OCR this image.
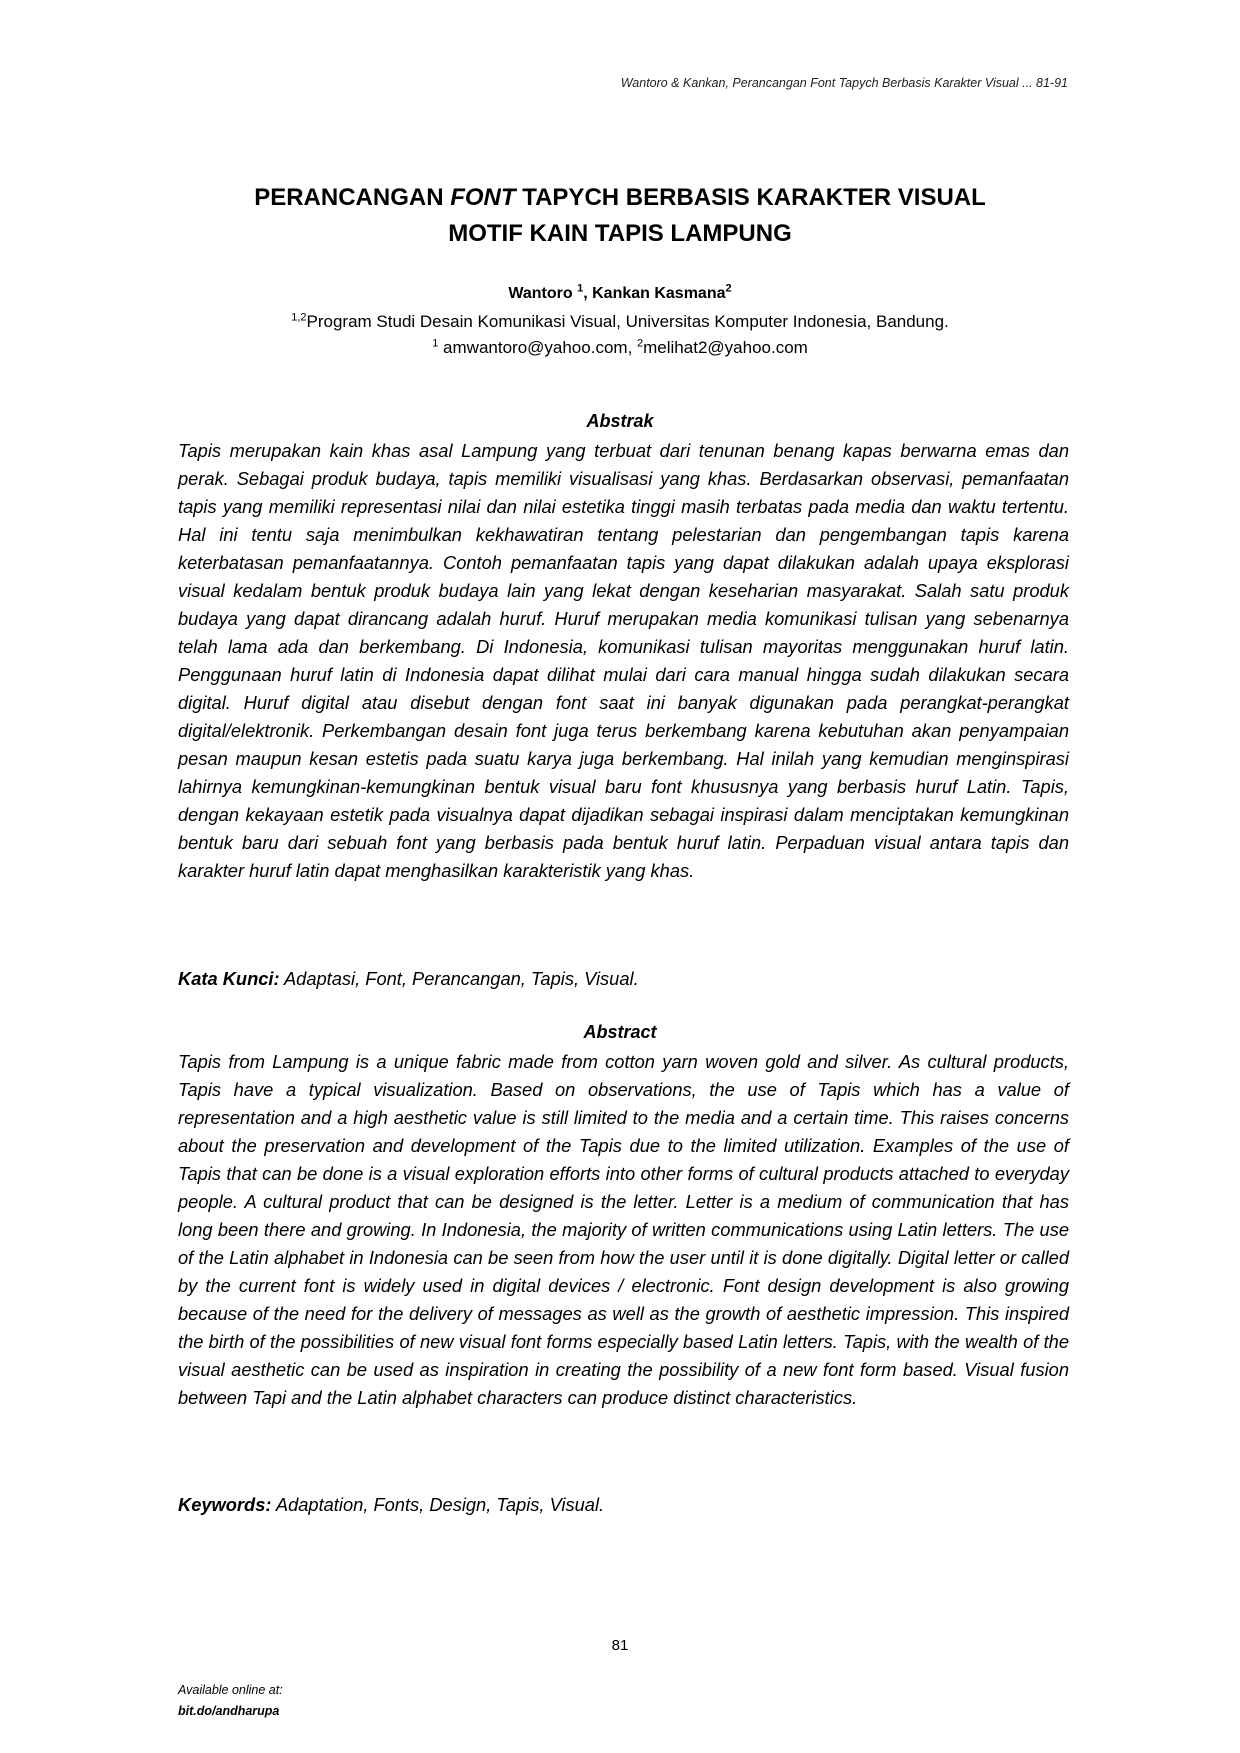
Wantoro & Kankan, Perancangan Font Tapych Berbasis Karakter Visual ... 81-91
PERANCANGAN FONT TAPYCH BERBASIS KARAKTER VISUAL
MOTIF KAIN TAPIS LAMPUNG
Wantoro $^1$, Kankan Kasmana$^2$
$^{1,2}$Program Studi Desain Komunikasi Visual, Universitas Komputer Indonesia, Bandung.
$^1$ amwantoro@yahoo.com, $^2$melihat2@yahoo.com
Abstrak
Tapis merupakan kain khas asal Lampung yang terbuat dari tenunan benang kapas berwarna emas dan perak. Sebagai produk budaya, tapis memiliki visualisasi yang khas. Berdasarkan observasi, pemanfaatan tapis yang memiliki representasi nilai dan nilai estetika tinggi masih terbatas pada media dan waktu tertentu. Hal ini tentu saja menimbulkan kekhawatiran tentang pelestarian dan pengembangan tapis karena keterbatasan pemanfaatannya. Contoh pemanfaatan tapis yang dapat dilakukan adalah upaya eksplorasi visual kedalam bentuk produk budaya lain yang lekat dengan keseharian masyarakat. Salah satu produk budaya yang dapat dirancang adalah huruf. Huruf merupakan media komunikasi tulisan yang sebenarnya telah lama ada dan berkembang. Di Indonesia, komunikasi tulisan mayoritas menggunakan huruf latin. Penggunaan huruf latin di Indonesia dapat dilihat mulai dari cara manual hingga sudah dilakukan secara digital. Huruf digital atau disebut dengan font saat ini banyak digunakan pada perangkat-perangkat digital/elektronik. Perkembangan desain font juga terus berkembang karena kebutuhan akan penyampaian pesan maupun kesan estetis pada suatu karya juga berkembang. Hal inilah yang kemudian menginspirasi lahirnya kemungkinan-kemungkinan bentuk visual baru font khususnya yang berbasis huruf Latin. Tapis, dengan kekayaan estetik pada visualnya dapat dijadikan sebagai inspirasi dalam menciptakan kemungkinan bentuk baru dari sebuah font yang berbasis pada bentuk huruf latin. Perpaduan visual antara tapis dan karakter huruf latin dapat menghasilkan karakteristik yang khas.
Kata Kunci: Adaptasi, Font, Perancangan, Tapis, Visual.
Abstract
Tapis from Lampung is a unique fabric made from cotton yarn woven gold and silver. As cultural products, Tapis have a typical visualization. Based on observations, the use of Tapis which has a value of representation and a high aesthetic value is still limited to the media and a certain time. This raises concerns about the preservation and development of the Tapis due to the limited utilization. Examples of the use of Tapis that can be done is a visual exploration efforts into other forms of cultural products attached to everyday people. A cultural product that can be designed is the letter. Letter is a medium of communication that has long been there and growing. In Indonesia, the majority of written communications using Latin letters. The use of the Latin alphabet in Indonesia can be seen from how the user until it is done digitally. Digital letter or called by the current font is widely used in digital devices / electronic. Font design development is also growing because of the need for the delivery of messages as well as the growth of aesthetic impression. This inspired the birth of the possibilities of new visual font forms especially based Latin letters. Tapis, with the wealth of the visual aesthetic can be used as inspiration in creating the possibility of a new font form based. Visual fusion between Tapi and the Latin alphabet characters can produce distinct characteristics.
Keywords: Adaptation, Fonts, Design, Tapis, Visual.
81
Available online at:
bit.do/andharupa
